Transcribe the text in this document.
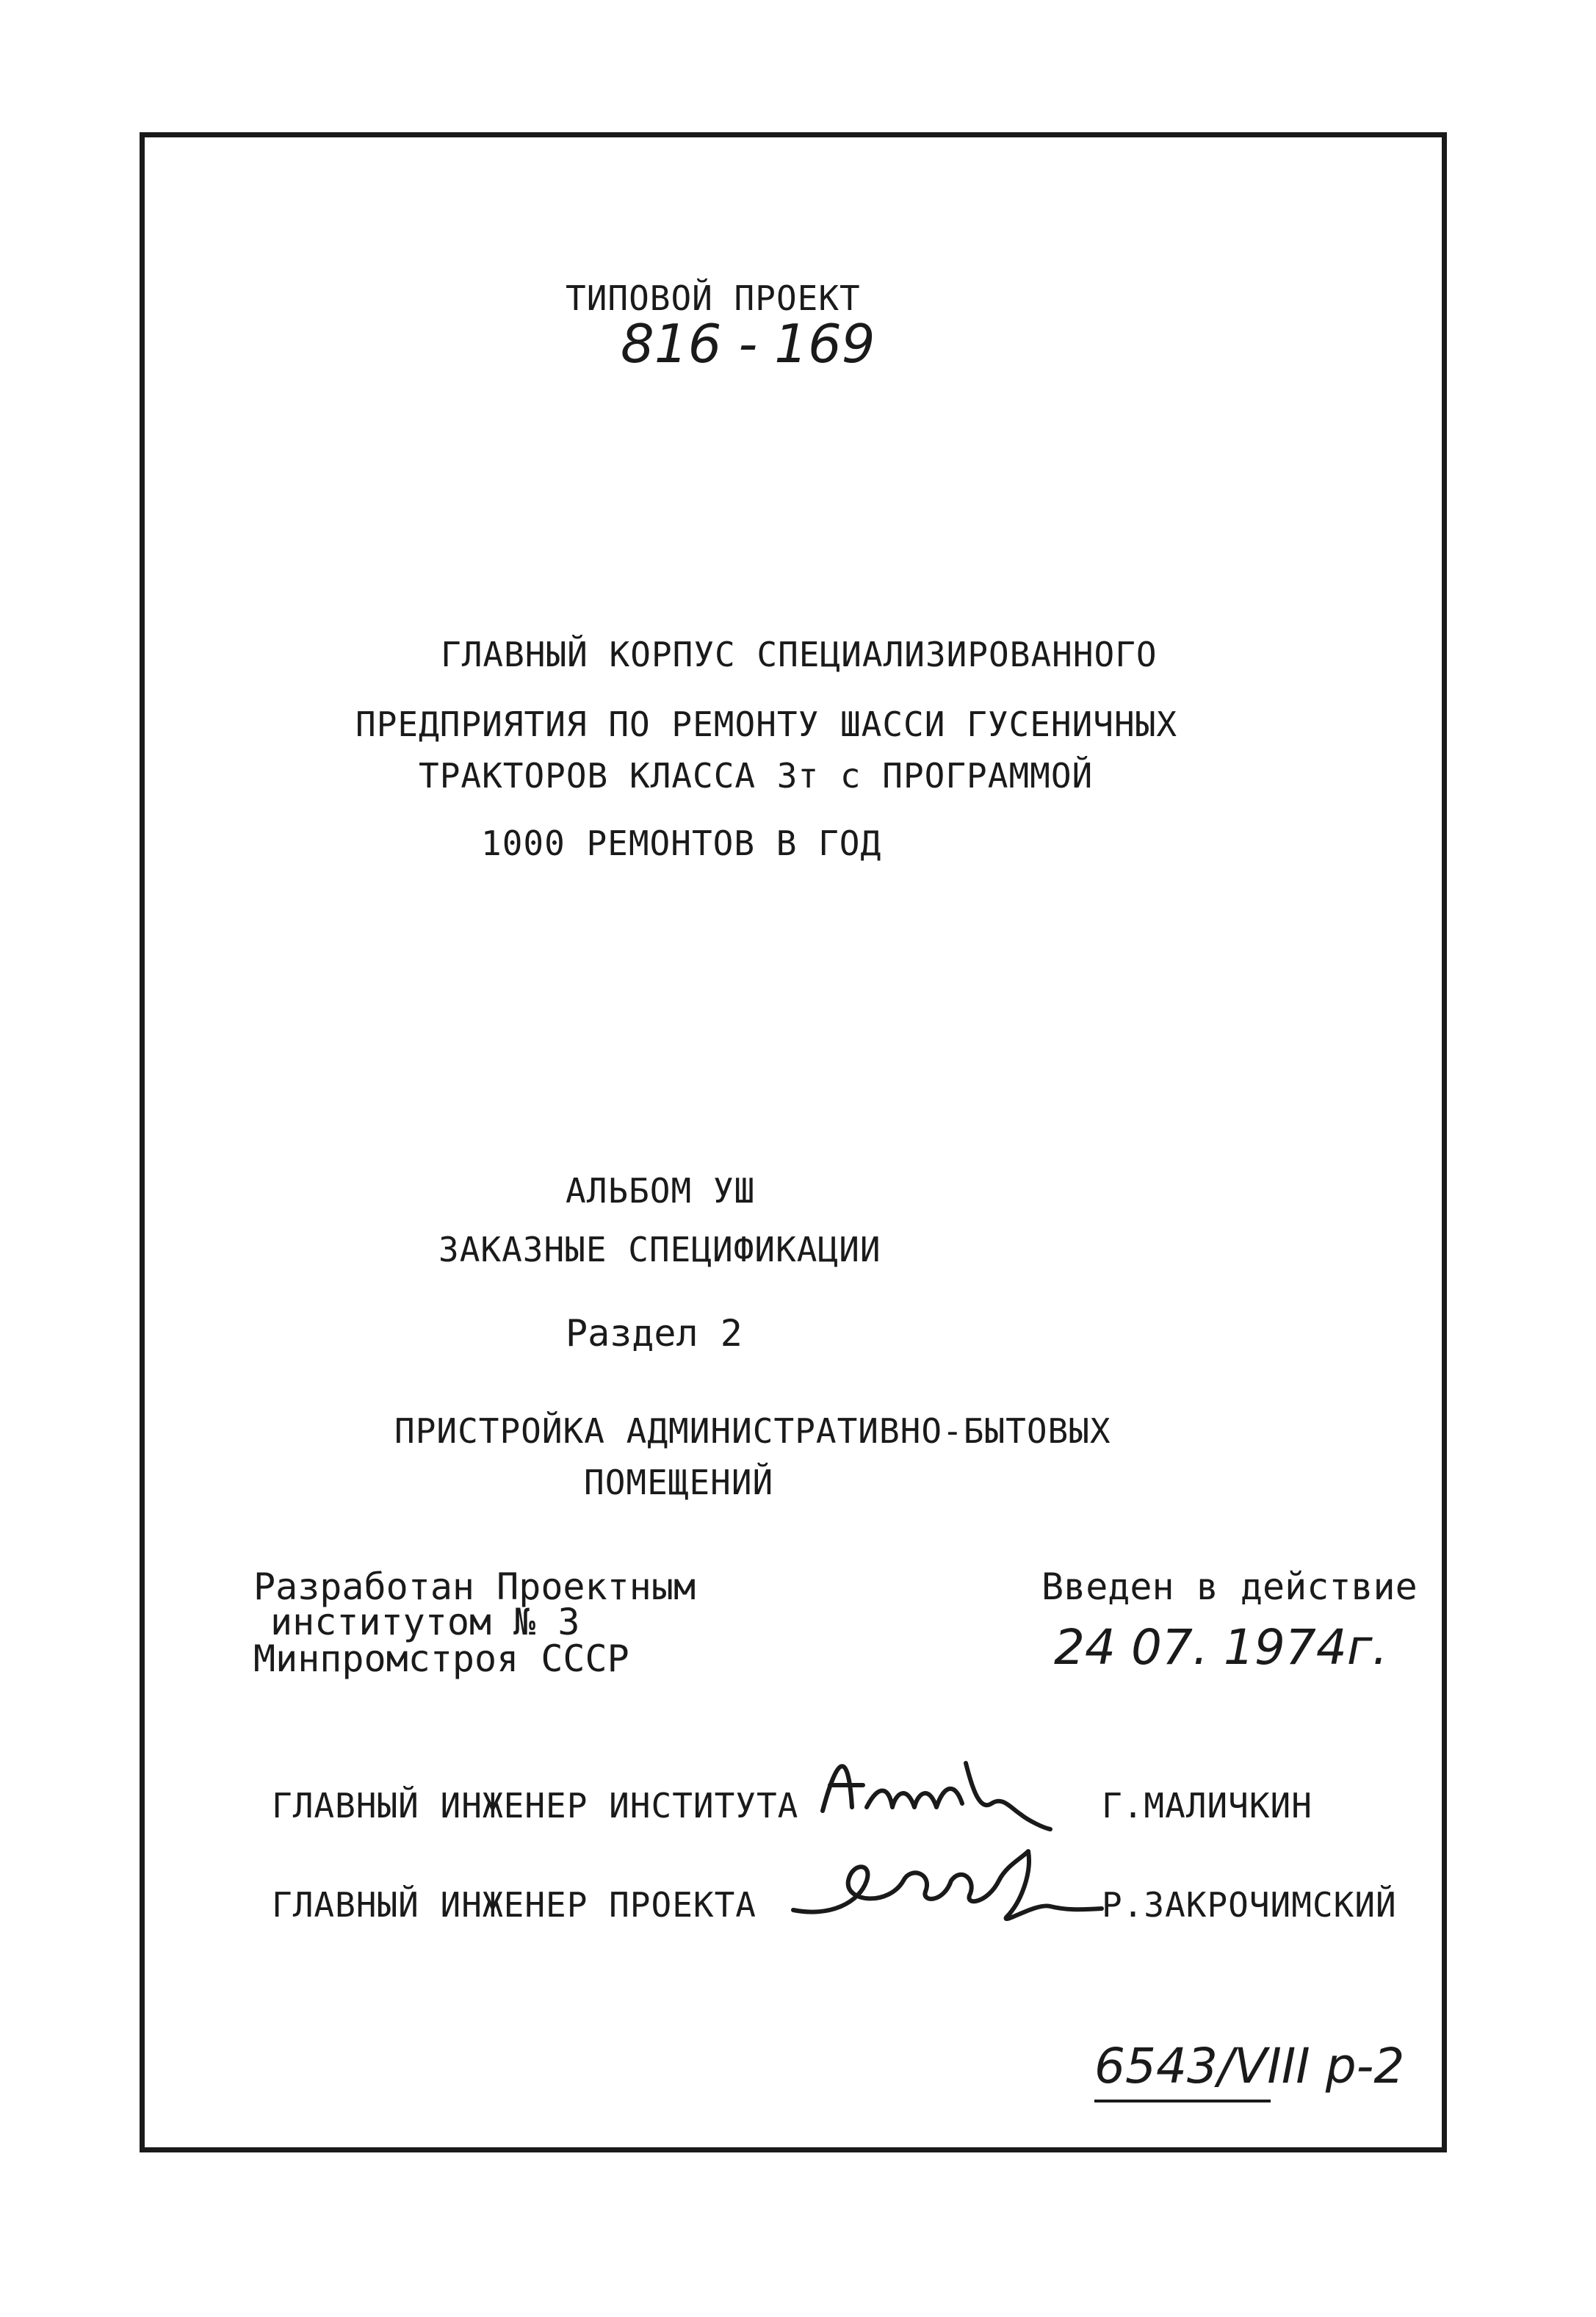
ТИПОВОЙ ПРОЕКТ
816 - 169
ГЛАВНЫЙ КОРПУС СПЕЦИАЛИЗИРОВАННОГО
ПРЕДПРИЯТИЯ ПО РЕМОНТУ ШАССИ ГУСЕНИЧНЫХ
ТРАКТОРОВ КЛАССА 3т с ПРОГРАММОЙ
1000 РЕМОНТОВ В ГОД
АЛЬБОМ УШ
ЗАКАЗНЫЕ СПЕЦИФИКАЦИИ
Раздел 2
ПРИСТРОЙКА АДМИНИСТРАТИВНО-БЫТОВЫХ
ПОМЕЩЕНИЙ
Разработан Проектным
институтом № 3
Минпромстроя СССР
Введен в действие
24 07. 1974г.
ГЛАВНЫЙ ИНЖЕНЕР ИНСТИТУТА	Г.МАЛИЧКИН
ГЛАВНЫЙ ИНЖЕНЕР ПРОЕКТА	Р.ЗАКРОЧИМСКИЙ
6543/VIII р-2
